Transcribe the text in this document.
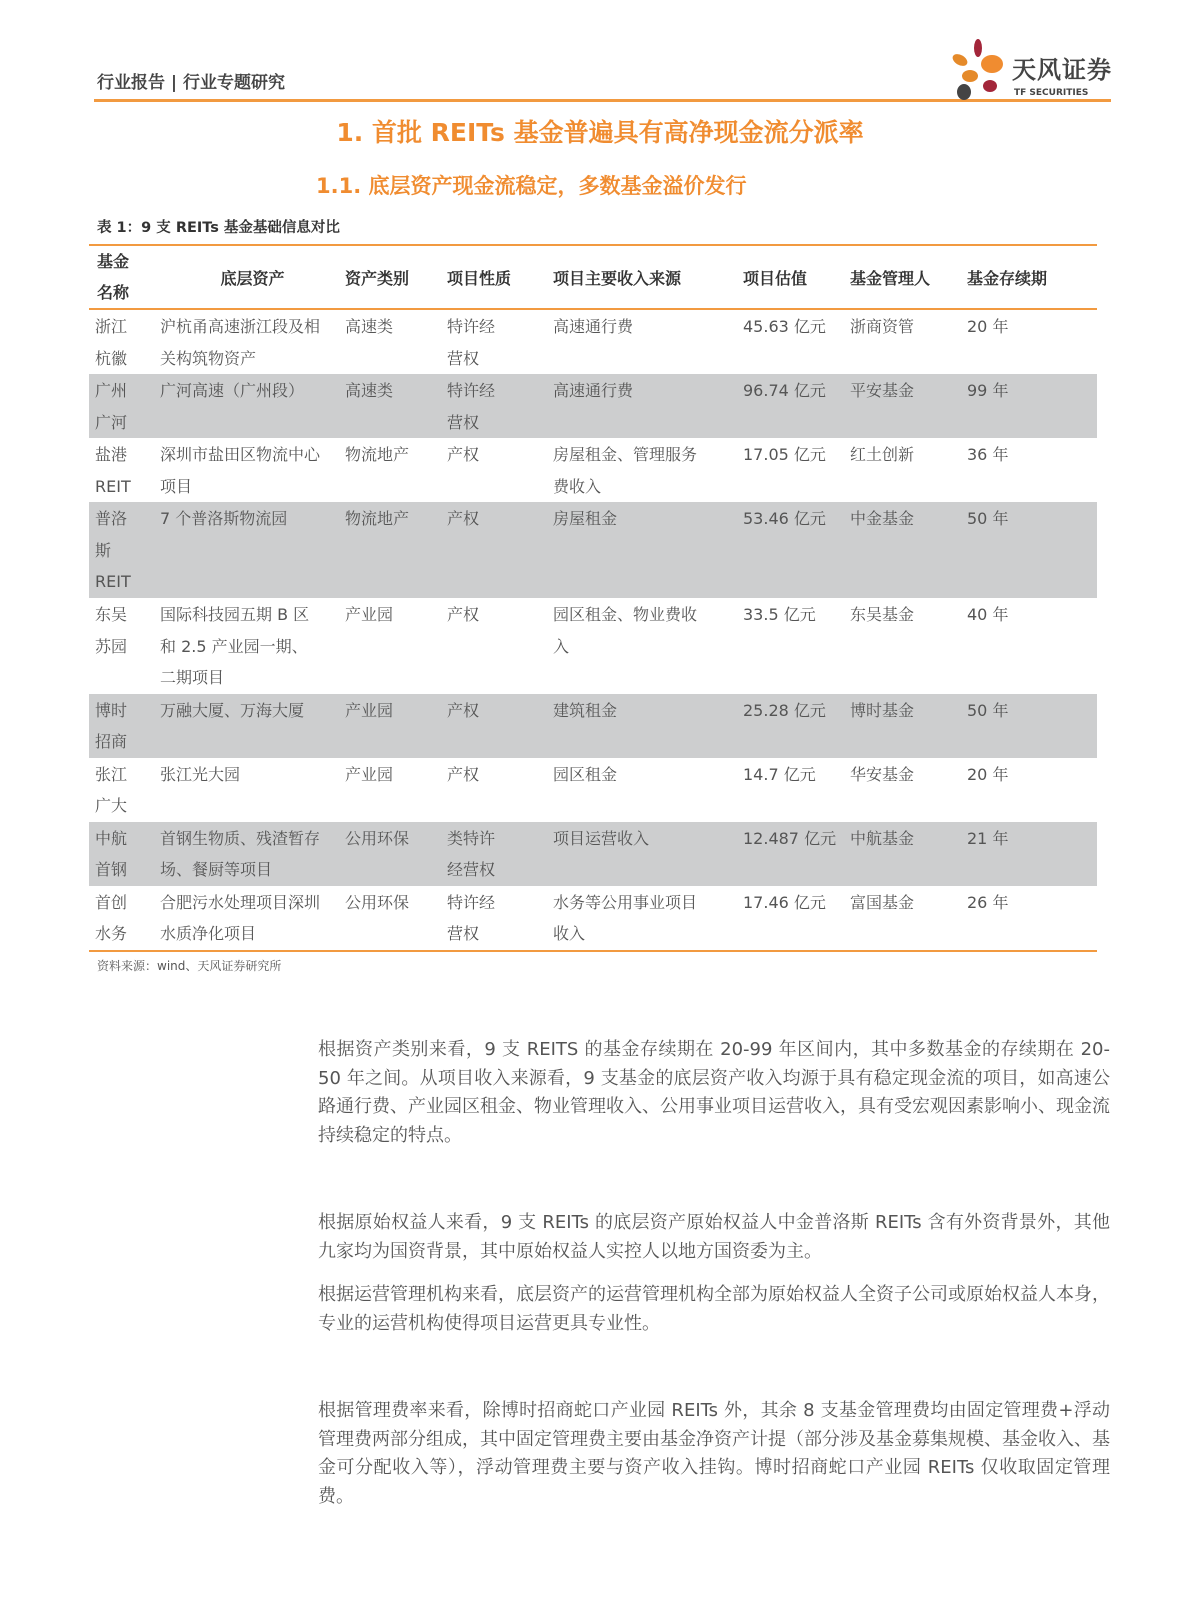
行业报告 | 行业专题研究	天风证券
TF SECURITIES
1. 首批 REITs 基金普遍具有高净现金流分派率
1.1. 底层资产现金流稳定，多数基金溢价发行
表 1：9 支 REITs 基金基础信息对比
基金名称	底层资产	资产类别	项目性质	项目主要收入来源	项目估值	基金管理人	基金存续期

浙江杭徽	沪杭甬高速浙江段及相关构筑物资产	高速类	特许经营权	高速通行费	45.63 亿元	浙商资管	20 年

广州广河	广河高速（广州段）	高速类	特许经营权	高速通行费	96.74 亿元	平安基金	99 年

盐港 REIT	深圳市盐田区物流中心项目	物流地产	产权	房屋租金、管理服务费收入	17.05 亿元	红土创新	36 年

普洛斯 REIT	7 个普洛斯物流园	物流地产	产权	房屋租金	53.46 亿元	中金基金	50 年

东吴苏园	国际科技园五期 B 区和 2.5 产业园一期、二期项目	产业园	产权	园区租金、物业费收入	33.5 亿元	东吴基金	40 年

博时招商	万融大厦、万海大厦	产业园	产权	建筑租金	25.28 亿元	博时基金	50 年

张江广大	张江光大园	产业园	产权	园区租金	14.7 亿元	华安基金	20 年

中航首钢	首钢生物质、残渣暂存场、餐厨等项目	公用环保	类特许经营权	项目运营收入	12.487 亿元	中航基金	21 年

首创水务	合肥污水处理项目深圳水质净化项目	公用环保	特许经营权	水务等公用事业项目收入	17.46 亿元	富国基金	26 年
资料来源：wind、天风证券研究所

根据资产类别来看，9 支 REITS 的基金存续期在 20-99 年区间内，其中多数基金的存续期在 20-50 年之间。从项目收入来源看，9 支基金的底层资产收入均源于具有稳定现金流的项目，如高速公路通行费、产业园区租金、物业管理收入、公用事业项目运营收入，具有受宏观因素影响小、现金流持续稳定的特点。

根据原始权益人来看，9 支 REITs 的底层资产原始权益人中金普洛斯 REITs 含有外资背景外，其他九家均为国资背景，其中原始权益人实控人以地方国资委为主。

根据运营管理机构来看，底层资产的运营管理机构全部为原始权益人全资子公司或原始权益人本身，专业的运营机构使得项目运营更具专业性。

根据管理费率来看，除博时招商蛇口产业园 REITs 外，其余 8 支基金管理费均由固定管理费+浮动管理费两部分组成，其中固定管理费主要由基金净资产计提（部分涉及基金募集规模、基金收入、基金可分配收入等），浮动管理费主要与资产收入挂钩。博时招商蛇口产业园 REITs 仅收取固定管理费。
